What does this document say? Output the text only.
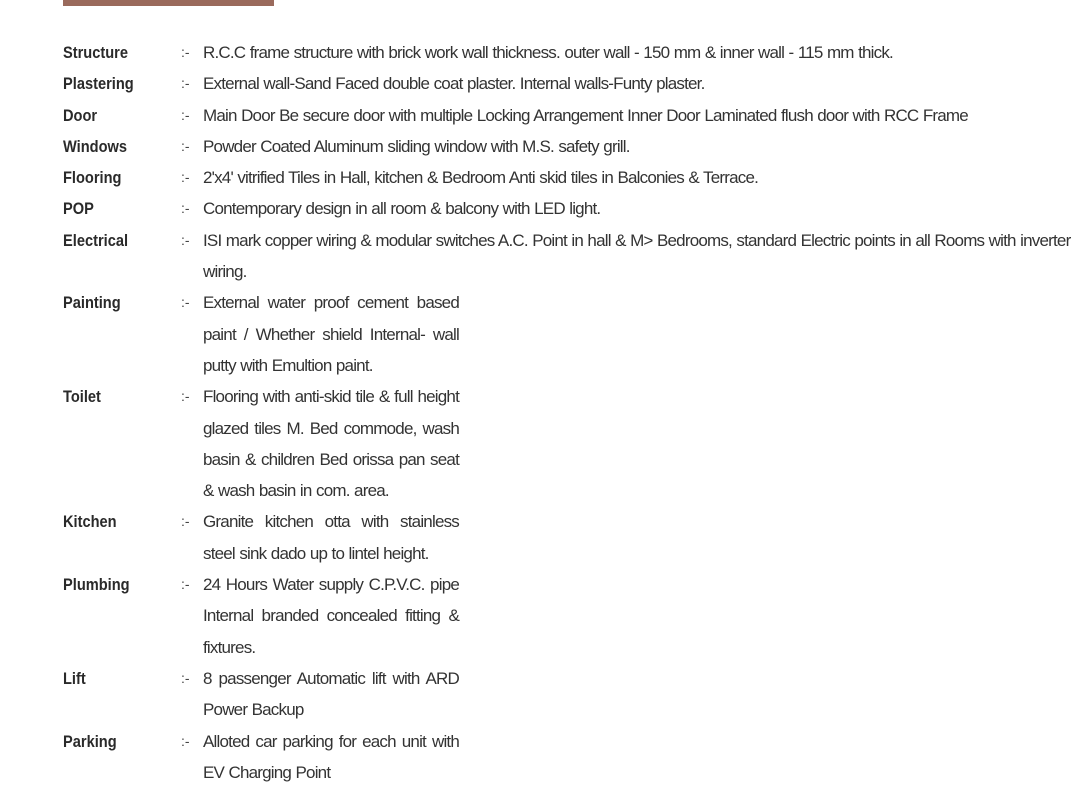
Structure	:- R.C.C frame structure with brick work wall thickness. outer wall - 150 mm & inner wall - 115 mm thick.
Plastering	:- External wall-Sand Faced double coat plaster. Internal walls-Funty plaster.
Door	:- Main Door Be secure door with multiple Locking Arrangement Inner Door Laminated flush door with RCC Frame
Windows	:- Powder Coated Aluminum sliding window with M.S. safety grill.
Flooring	:- 2'x4' vitrified Tiles in Hall, kitchen & Bedroom Anti skid tiles in Balconies & Terrace.
POP	:- Contemporary design in all room & balcony with LED light.
Electrical	:- ISI mark copper wiring & modular switches A.C. Point in hall & M> Bedrooms, standard Electric points in all Rooms with inverter wiring.
Painting	:- External water proof cement based paint / Whether shield Internal- wall putty with Emultion paint.
Toilet	:- Flooring with anti-skid tile & full height glazed tiles M. Bed commode, wash basin & children Bed orissa pan seat & wash basin in com. area.
Kitchen	:- Granite kitchen otta with stainless steel sink dado up to lintel height.
Plumbing	:- 24 Hours Water supply C.P.V.C. pipe Internal branded concealed fitting & fixtures.
Lift	:- 8 passenger Automatic lift with ARD Power Backup
Parking	:- Alloted car parking for each unit with EV Charging Point
